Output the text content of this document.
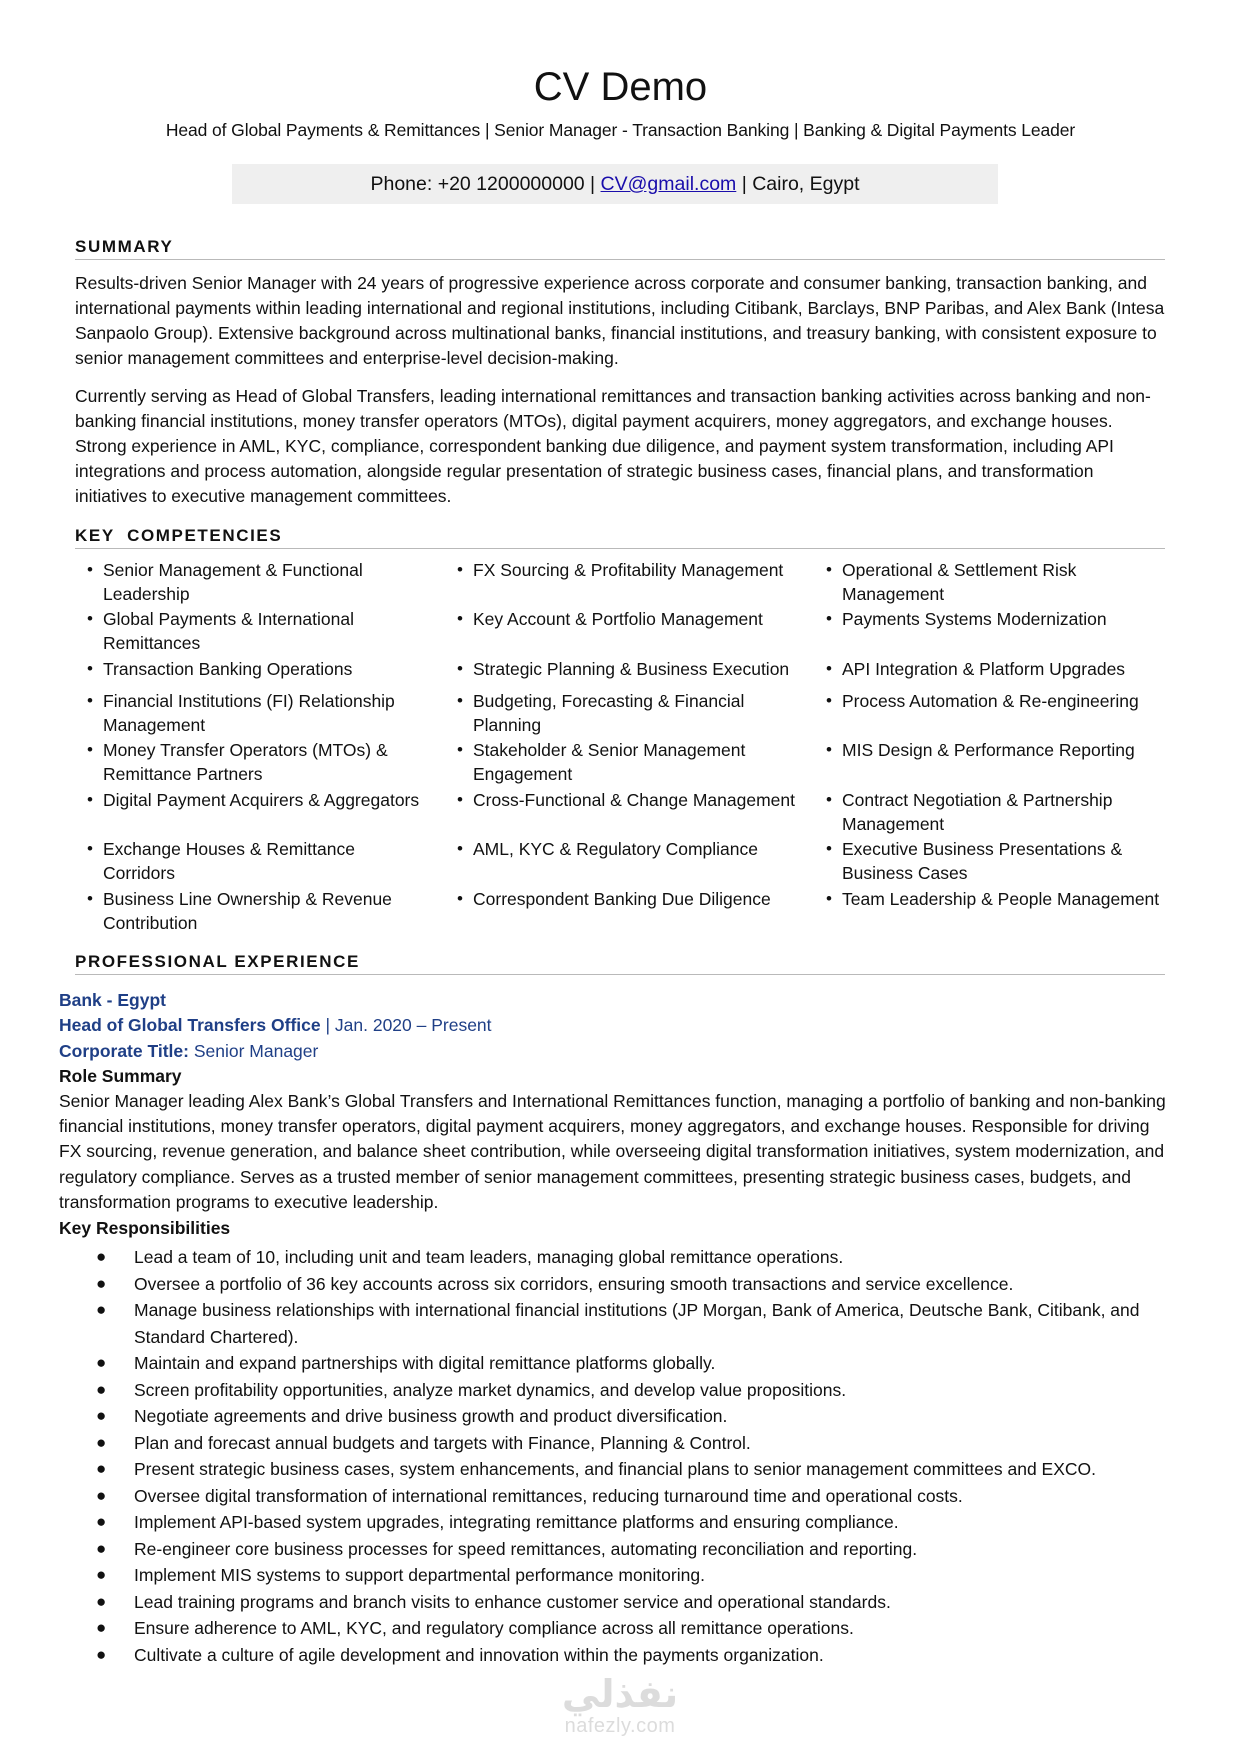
CV Demo
Head of Global Payments & Remittances | Senior Manager - Transaction Banking | Banking & Digital Payments Leader
Phone: +20 1200000000 | CV@gmail.com | Cairo, Egypt
SUMMARY
Results-driven Senior Manager with 24 years of progressive experience across corporate and consumer banking, transaction banking, and international payments within leading international and regional institutions, including Citibank, Barclays, BNP Paribas, and Alex Bank (Intesa Sanpaolo Group). Extensive background across multinational banks, financial institutions, and treasury banking, with consistent exposure to senior management committees and enterprise-level decision-making.
Currently serving as Head of Global Transfers, leading international remittances and transaction banking activities across banking and non-banking financial institutions, money transfer operators (MTOs), digital payment acquirers, money aggregators, and exchange houses. Strong experience in AML, KYC, compliance, correspondent banking due diligence, and payment system transformation, including API integrations and process automation, alongside regular presentation of strategic business cases, financial plans, and transformation initiatives to executive management committees.
KEY  COMPETENCIES
• Senior Management & Functional Leadership
• Global Payments & International Remittances
• Transaction Banking Operations
• Financial Institutions (FI) Relationship Management
• Money Transfer Operators (MTOs) & Remittance Partners
• Digital Payment Acquirers & Aggregators
• Exchange Houses & Remittance Corridors
• Business Line Ownership & Revenue Contribution
• FX Sourcing & Profitability Management
• Key Account & Portfolio Management
• Strategic Planning & Business Execution
• Budgeting, Forecasting & Financial Planning
• Stakeholder & Senior Management Engagement
• Cross-Functional & Change Management
• AML, KYC & Regulatory Compliance
• Correspondent Banking Due Diligence
• Operational & Settlement Risk Management
• Payments Systems Modernization
• API Integration & Platform Upgrades
• Process Automation & Re-engineering
• MIS Design & Performance Reporting
• Contract Negotiation & Partnership Management
• Executive Business Presentations & Business Cases
• Team Leadership & People Management
PROFESSIONAL EXPERIENCE
Bank - Egypt
Head of Global Transfers Office | Jan. 2020 – Present
Corporate Title: Senior Manager
Role Summary
Senior Manager leading Alex Bank’s Global Transfers and International Remittances function, managing a portfolio of banking and non-banking financial institutions, money transfer operators, digital payment acquirers, money aggregators, and exchange houses. Responsible for driving FX sourcing, revenue generation, and balance sheet contribution, while overseeing digital transformation initiatives, system modernization, and regulatory compliance. Serves as a trusted member of senior management committees, presenting strategic business cases, budgets, and transformation programs to executive leadership.
Key Responsibilities
● Lead a team of 10, including unit and team leaders, managing global remittance operations.
● Oversee a portfolio of 36 key accounts across six corridors, ensuring smooth transactions and service excellence.
● Manage business relationships with international financial institutions (JP Morgan, Bank of America, Deutsche Bank, Citibank, and Standard Chartered).
● Maintain and expand partnerships with digital remittance platforms globally.
● Screen profitability opportunities, analyze market dynamics, and develop value propositions.
● Negotiate agreements and drive business growth and product diversification.
● Plan and forecast annual budgets and targets with Finance, Planning & Control.
● Present strategic business cases, system enhancements, and financial plans to senior management committees and EXCO.
● Oversee digital transformation of international remittances, reducing turnaround time and operational costs.
● Implement API-based system upgrades, integrating remittance platforms and ensuring compliance.
● Re-engineer core business processes for speed remittances, automating reconciliation and reporting.
● Implement MIS systems to support departmental performance monitoring.
● Lead training programs and branch visits to enhance customer service and operational standards.
● Ensure adherence to AML, KYC, and regulatory compliance across all remittance operations.
● Cultivate a culture of agile development and innovation within the payments organization.
نفذلي
nafezly.com
